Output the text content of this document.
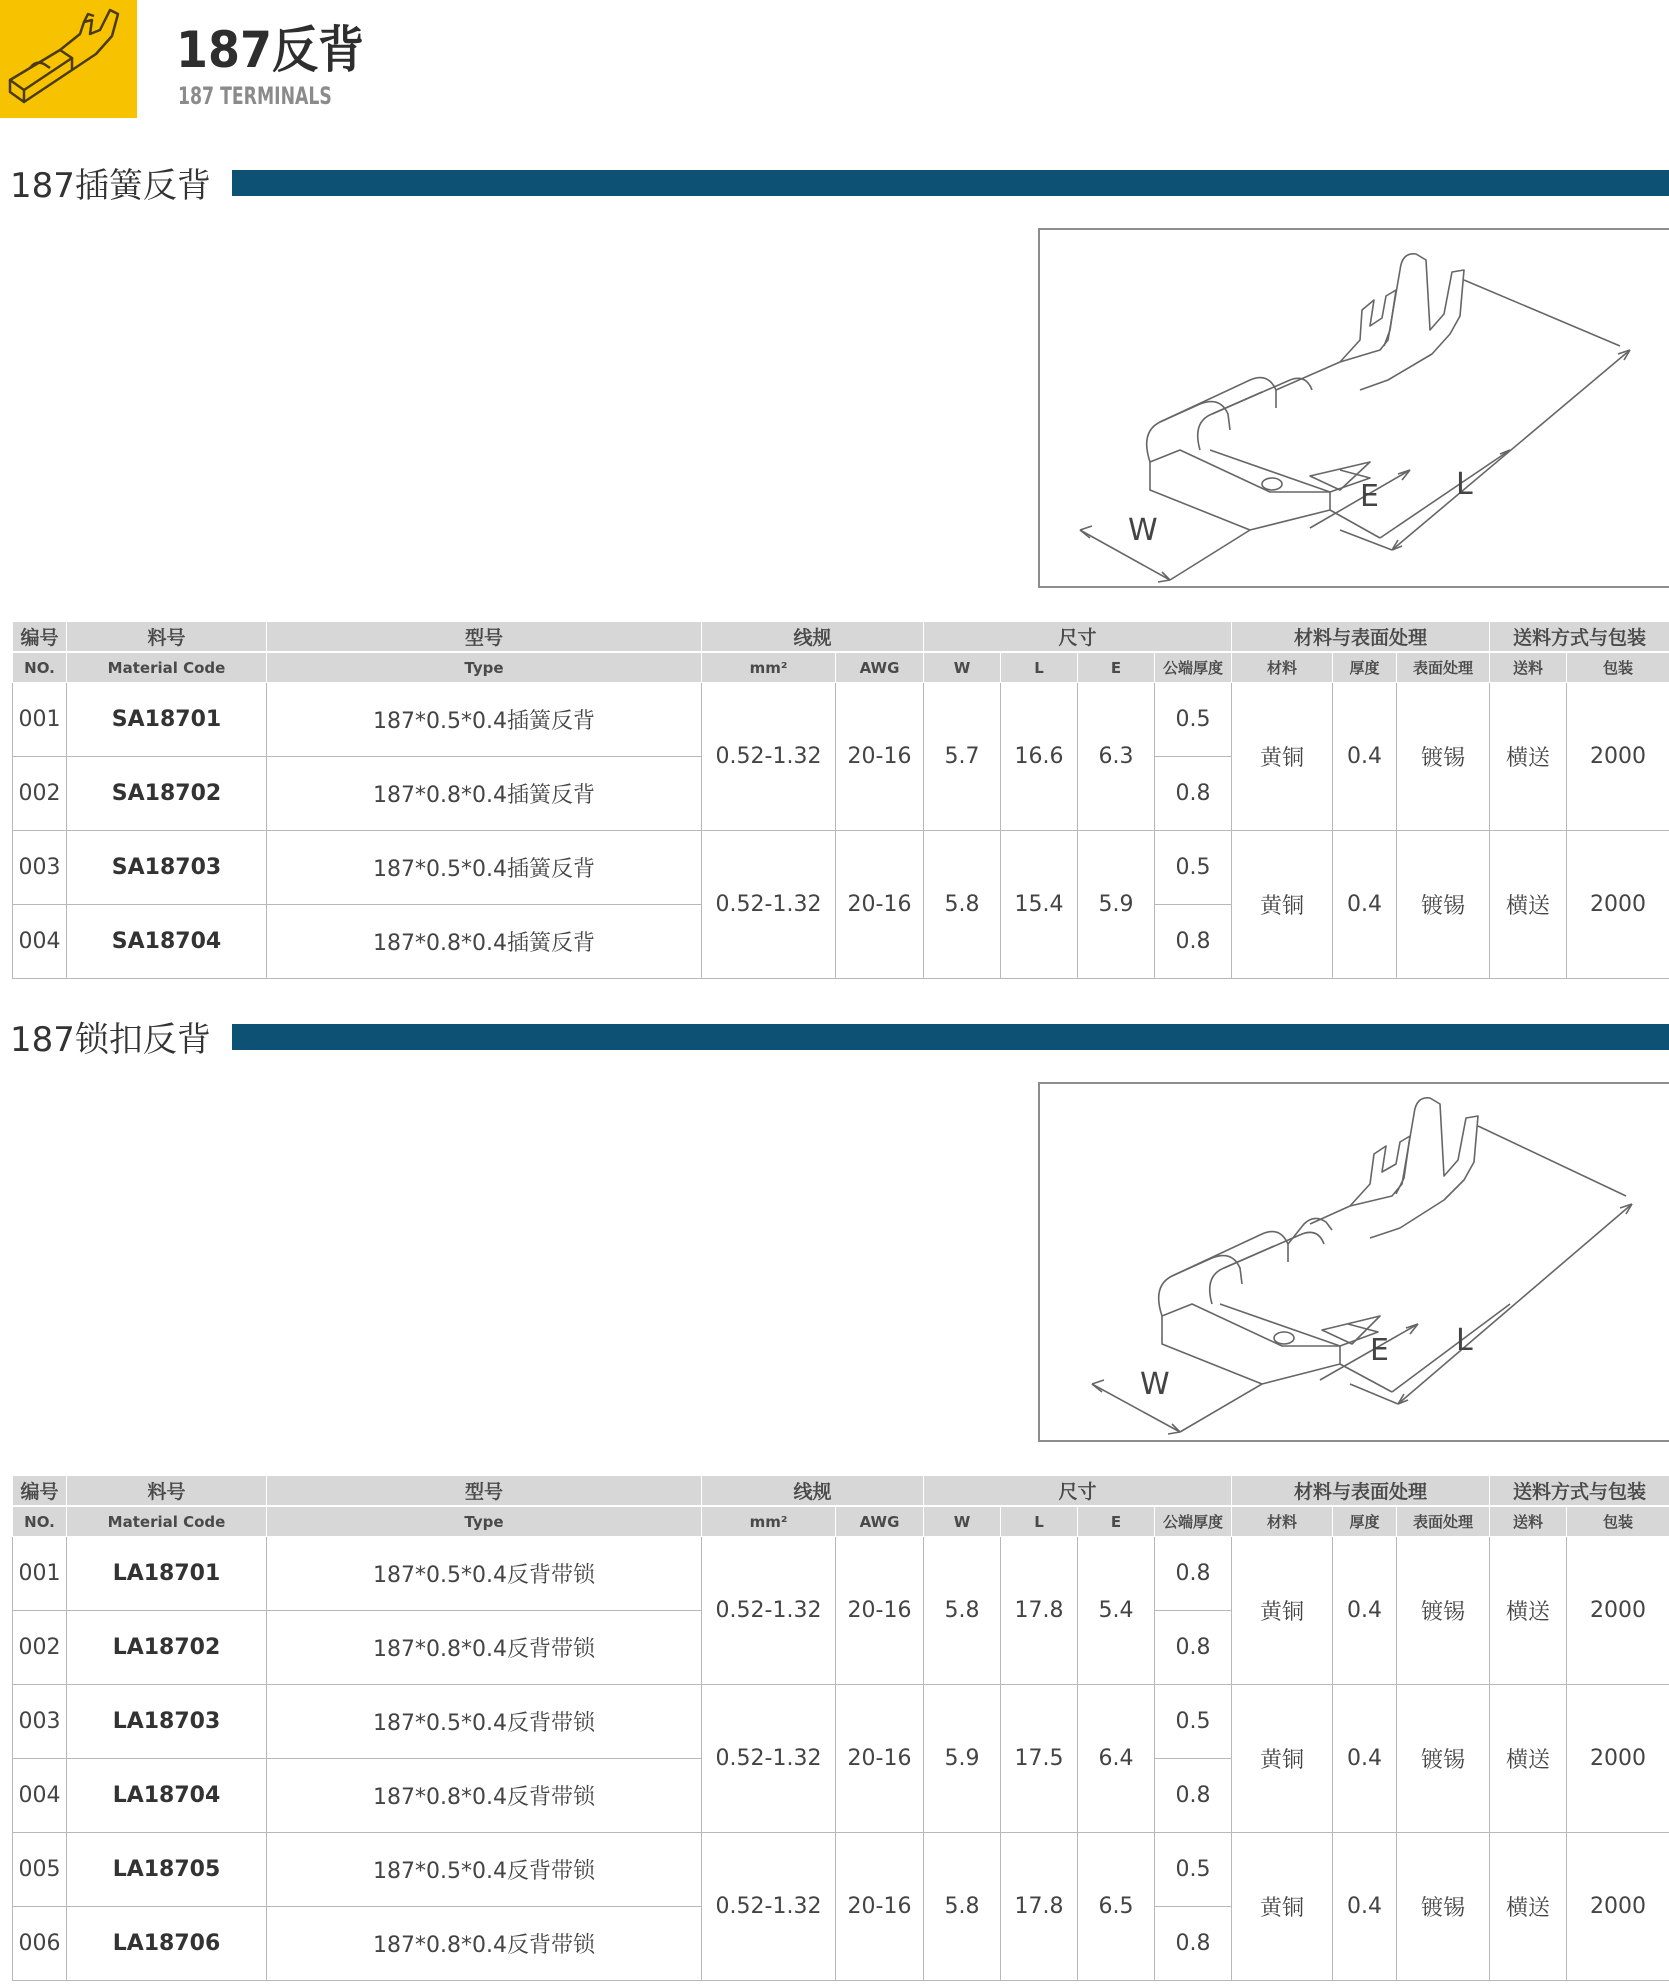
187反背
187 TERMINALS
187插簧反背
W
E	L
编号	料号	型号	线规		尺寸				材料与表面处理			送料方式与包装	
NO.	Material Code	Type	mm²	AWG	W	L	E	公端厚度	材料	厚度	表面处理	送料	包装
001	SA18701	187*0.5*0.4插簧反背	0.52-1.32	20-16	5.7	16.6	6.3	0.5	黄铜	0.4	镀锡	横送	2000
002	SA18702	187*0.8*0.4插簧反背						0.8					
003	SA18703	187*0.5*0.4插簧反背	0.52-1.32	20-16	5.8	15.4	5.9	0.5	黄铜	0.4	镀锡	横送	2000
004	SA18704	187*0.8*0.4插簧反背						0.8					
187锁扣反背
W
E L
编号	料号	型号	线规		尺寸				材料与表面处理			送料方式与包装	
NO.	Material Code	Type	mm²	AWG	W	L	E	公端厚度	材料	厚度	表面处理	送料	包装
001	LA18701	187*0.5*0.4反背带锁	0.52-1.32	20-16	5.8	17.8	5.4	0.8	黄铜	0.4	镀锡	横送	2000
002	LA18702	187*0.8*0.4反背带锁						0.8					
003	LA18703	187*0.5*0.4反背带锁	0.52-1.32	20-16	5.9	17.5	6.4	0.5	黄铜	0.4	镀锡	横送	2000
004	LA18704	187*0.8*0.4反背带锁						0.8					
005	LA18705	187*0.5*0.4反背带锁	0.52-1.32	20-16	5.8	17.8	6.5	0.5	黄铜	0.4	镀锡	横送	2000
006	LA18706	187*0.8*0.4反背带锁						0.8					
